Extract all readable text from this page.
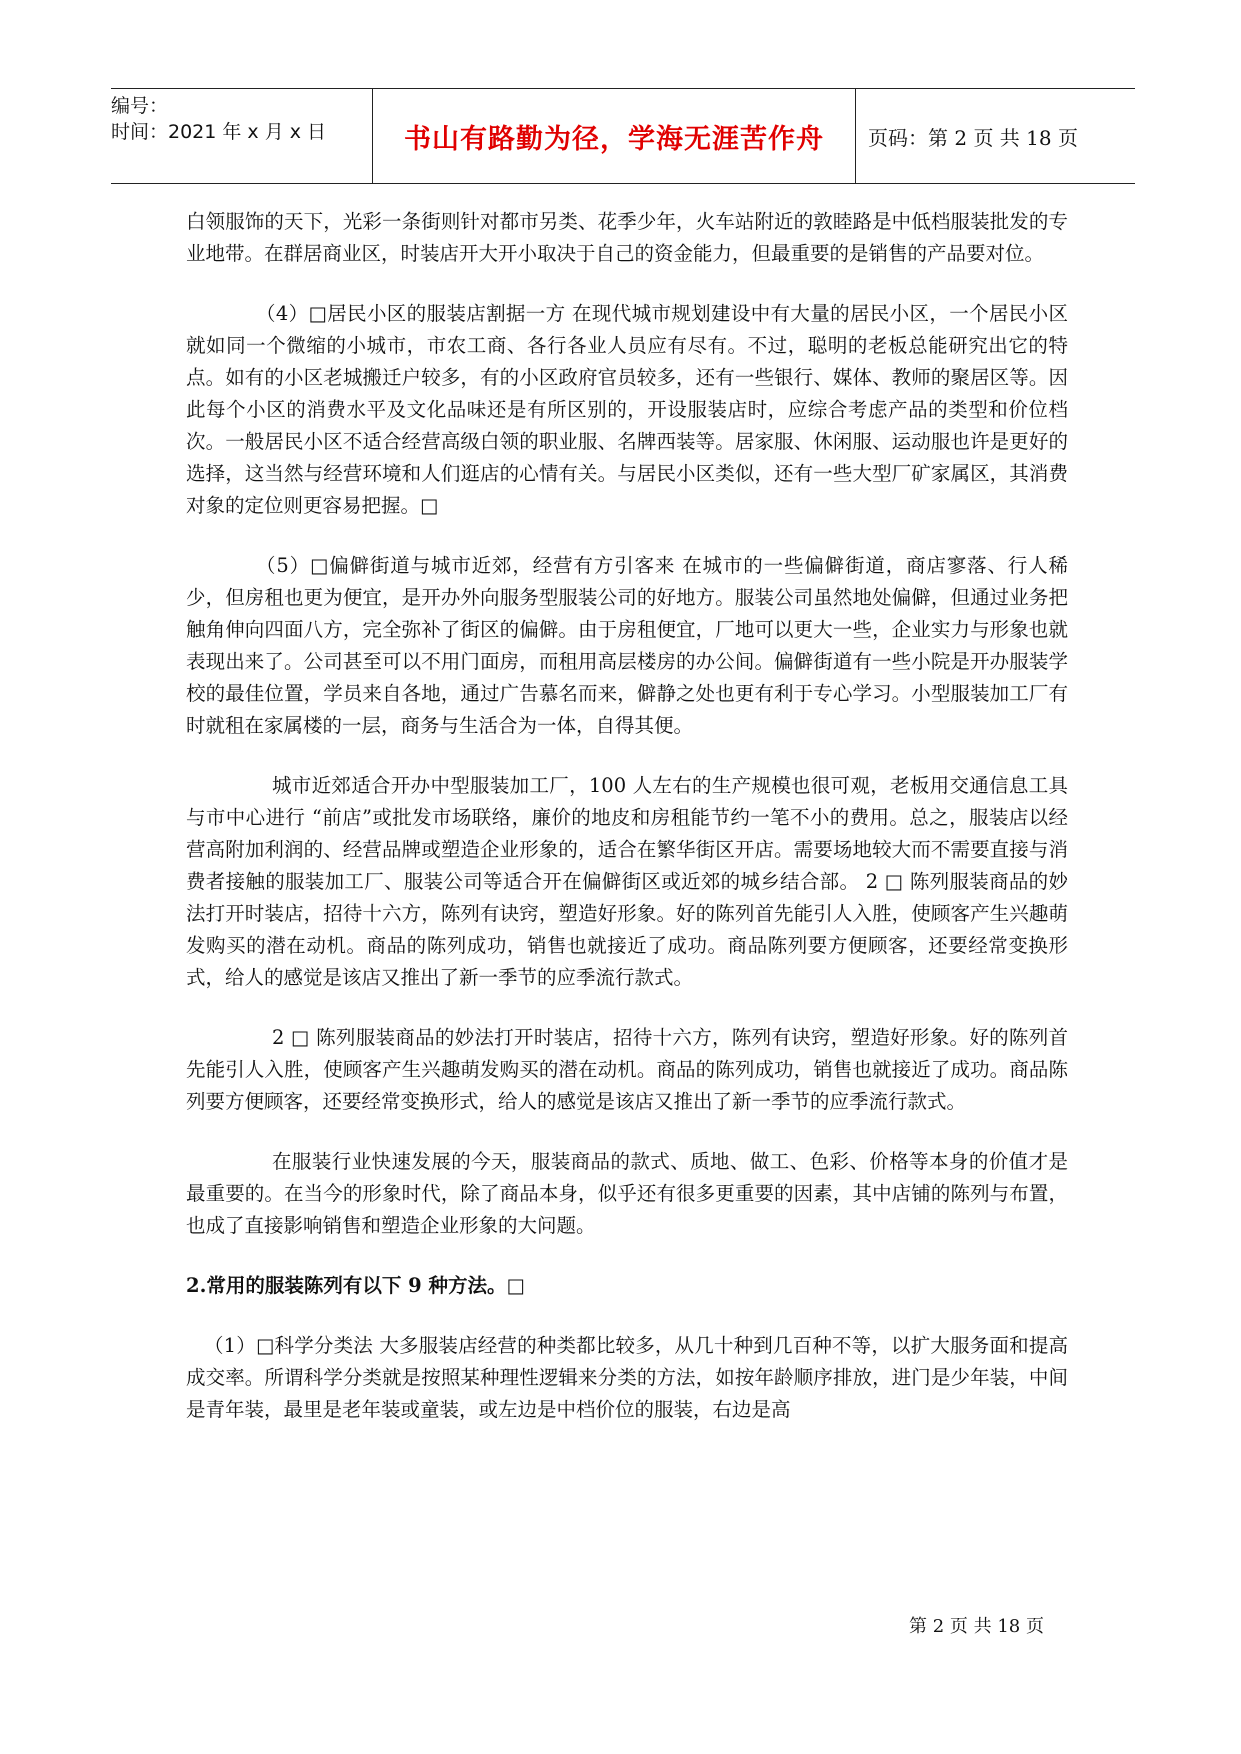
编号：
时间：2021 年 x 月 x 日	书山有路勤为径，学海无涯苦作舟	页码：第 2 页 共 18 页

白领服饰的天下，光彩一条街则针对都市另类、花季少年，火车站附近的敦睦路是中低档服装批发的专业地带。在群居商业区，时装店开大开小取决于自己的资金能力，但最重要的是销售的产品要对位。

（4）□居民小区的服装店割据一方 在现代城市规划建设中有大量的居民小区，一个居民小区就如同一个微缩的小城市，市农工商、各行各业人员应有尽有。不过，聪明的老板总能研究出它的特点。如有的小区老城搬迁户较多，有的小区政府官员较多，还有一些银行、媒体、教师的聚居区等。因此每个小区的消费水平及文化品味还是有所区别的，开设服装店时，应综合考虑产品的类型和价位档次。一般居民小区不适合经营高级白领的职业服、名牌西装等。居家服、休闲服、运动服也许是更好的选择，这当然与经营环境和人们逛店的心情有关。与居民小区类似，还有一些大型厂矿家属区，其消费对象的定位则更容易把握。□

（5）□偏僻街道与城市近郊，经营有方引客来 在城市的一些偏僻街道，商店寥落、行人稀少，但房租也更为便宜，是开办外向服务型服装公司的好地方。服装公司虽然地处偏僻，但通过业务把触角伸向四面八方，完全弥补了街区的偏僻。由于房租便宜，厂地可以更大一些，企业实力与形象也就表现出来了。公司甚至可以不用门面房，而租用高层楼房的办公间。偏僻街道有一些小院是开办服装学校的最佳位置，学员来自各地，通过广告慕名而来，僻静之处也更有利于专心学习。小型服装加工厂有时就租在家属楼的一层，商务与生活合为一体，自得其便。

城市近郊适合开办中型服装加工厂，100 人左右的生产规模也很可观，老板用交通信息工具与市中心进行 “前店”或批发市场联络，廉价的地皮和房租能节约一笔不小的费用。总之，服装店以经营高附加利润的、经营品牌或塑造企业形象的，适合在繁华街区开店。需要场地较大而不需要直接与消费者接触的服装加工厂、服装公司等适合开在偏僻街区或近郊的城乡结合部。 2 □ 陈列服装商品的妙法打开时装店，招待十六方，陈列有诀窍，塑造好形象。好的陈列首先能引人入胜，使顾客产生兴趣萌发购买的潜在动机。商品的陈列成功，销售也就接近了成功。商品陈列要方便顾客，还要经常变换形式，给人的感觉是该店又推出了新一季节的应季流行款式。

2 □ 陈列服装商品的妙法打开时装店，招待十六方，陈列有诀窍，塑造好形象。好的陈列首先能引人入胜，使顾客产生兴趣萌发购买的潜在动机。商品的陈列成功，销售也就接近了成功。商品陈列要方便顾客，还要经常变换形式，给人的感觉是该店又推出了新一季节的应季流行款式。

在服装行业快速发展的今天，服装商品的款式、质地、做工、色彩、价格等本身的价值才是最重要的。在当今的形象时代，除了商品本身，似乎还有很多更重要的因素，其中店铺的陈列与布置，也成了直接影响销售和塑造企业形象的大问题。

2.常用的服装陈列有以下 9 种方法。□

（1）□科学分类法 大多服装店经营的种类都比较多，从几十种到几百种不等，以扩大服务面和提高成交率。所谓科学分类就是按照某种理性逻辑来分类的方法，如按年龄顺序排放，进门是少年装，中间是青年装，最里是老年装或童装，或左边是中档价位的服装，右边是高

第 2 页 共 18 页
